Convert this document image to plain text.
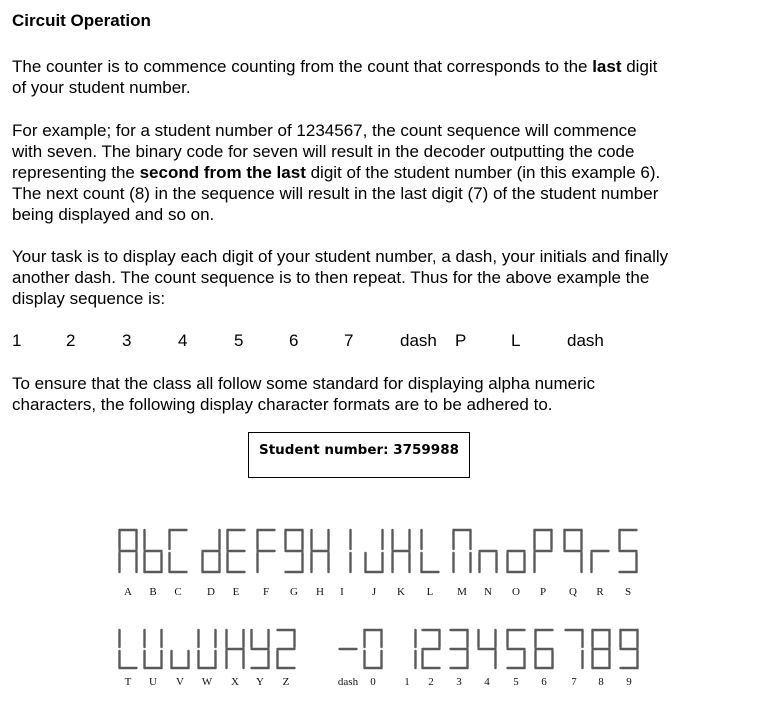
Circuit Operation
The counter is to commence counting from the count that corresponds to the last digit
of your student number.
For example; for a student number of 1234567, the count sequence will commence
with seven. The binary code for seven will result in the decoder outputting the code
representing the second from the last digit of the student number (in this example 6).
The next count (8) in the sequence will result in the last digit (7) of the student number
being displayed and so on.
Your task is to display each digit of your student number, a dash, your initials and finally
another dash. The count sequence is to then repeat. Thus for the above example the
display sequence is:
1	2	3	4	5	6	7	dash P	L	dash
To ensure that the class all follow some standard for displaying alpha numeric
characters, the following display character formats are to be adhered to.
Student number: 3759988
A B C D E F G H I	J K L M N O P Q R S
T U V W X Y Z	dash 0	1 2 3 4 5 6 7 8 9
